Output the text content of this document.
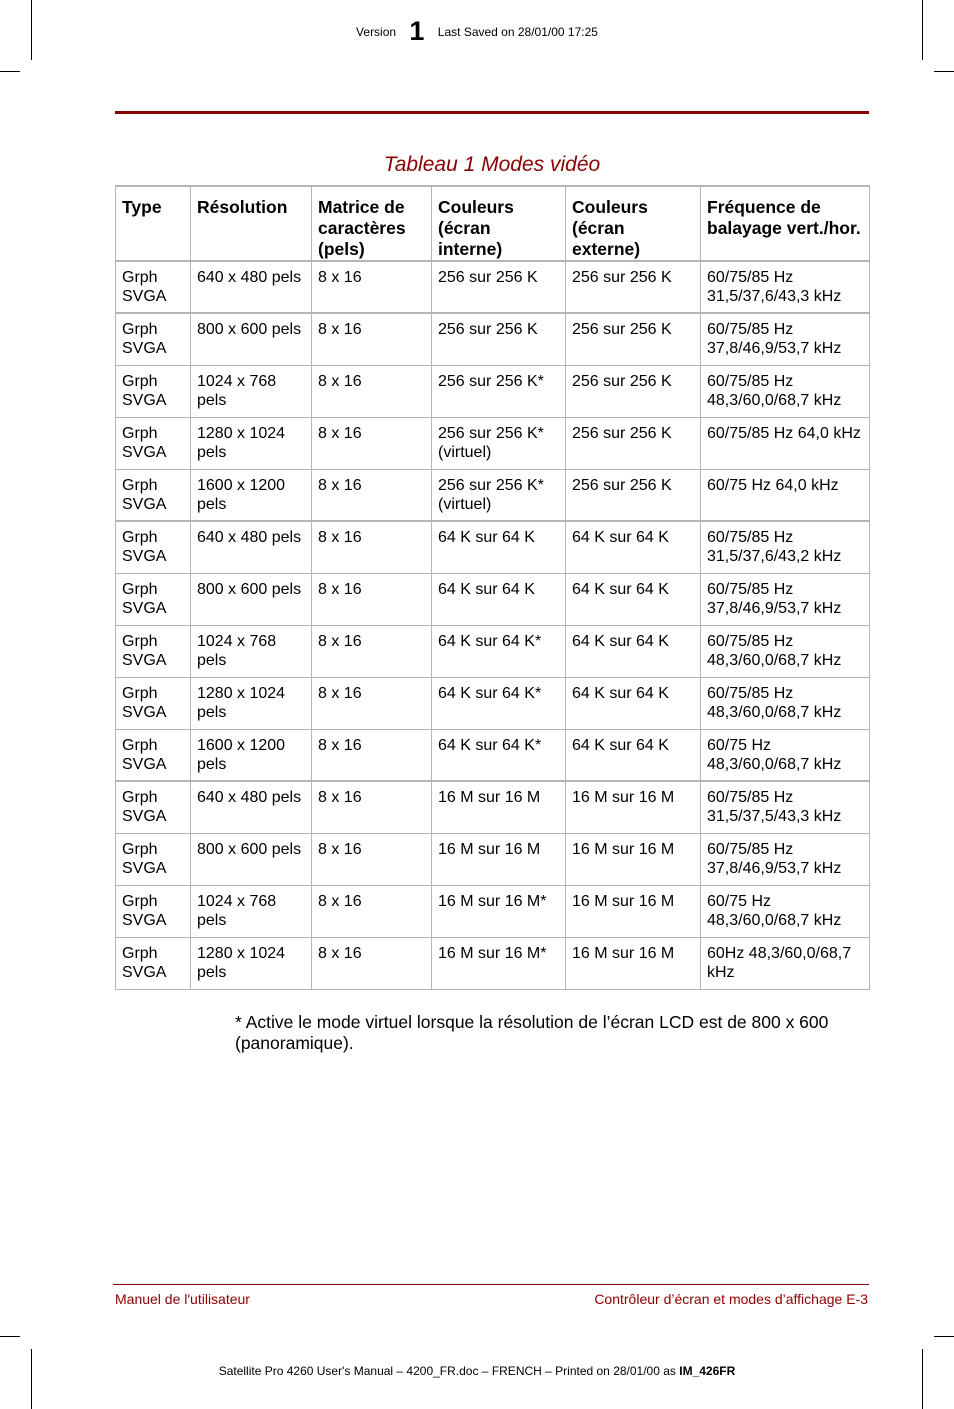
Version 1 Last Saved on 28/01/00 17:25
Tableau 1 Modes vidéo
Type	Résolution	Matrice de caractères (pels)	Couleurs (écran interne)	Couleurs (écran externe)	Fréquence de balayage vert./hor.
Grph SVGA	640 x 480 pels	8 x 16	256 sur 256 K	256 sur 256 K	60/75/85 Hz 31,5/37,6/43,3 kHz
Grph SVGA	800 x 600 pels	8 x 16	256 sur 256 K	256 sur 256 K	60/75/85 Hz 37,8/46,9/53,7 kHz
Grph SVGA	1024 x 768 pels	8 x 16	256 sur 256 K*	256 sur 256 K	60/75/85 Hz 48,3/60,0/68,7 kHz
Grph SVGA	1280 x 1024 pels	8 x 16	256 sur 256 K* (virtuel)	256 sur 256 K	60/75/85 Hz 64,0 kHz
Grph SVGA	1600 x 1200 pels	8 x 16	256 sur 256 K* (virtuel)	256 sur 256 K	60/75 Hz 64,0 kHz
Grph SVGA	640 x 480 pels	8 x 16	64 K sur 64 K	64 K sur 64 K	60/75/85 Hz 31,5/37,6/43,2 kHz
Grph SVGA	800 x 600 pels	8 x 16	64 K sur 64 K	64 K sur 64 K	60/75/85 Hz 37,8/46,9/53,7 kHz
Grph SVGA	1024 x 768 pels	8 x 16	64 K sur 64 K*	64 K sur 64 K	60/75/85 Hz 48,3/60,0/68,7 kHz
Grph SVGA	1280 x 1024 pels	8 x 16	64 K sur 64 K*	64 K sur 64 K	60/75/85 Hz 48,3/60,0/68,7 kHz
Grph SVGA	1600 x 1200 pels	8 x 16	64 K sur 64 K*	64 K sur 64 K	60/75 Hz 48,3/60,0/68,7 kHz
Grph SVGA	640 x 480 pels	8 x 16	16 M sur 16 M	16 M sur 16 M	60/75/85 Hz 31,5/37,5/43,3 kHz
Grph SVGA	800 x 600 pels	8 x 16	16 M sur 16 M	16 M sur 16 M	60/75/85 Hz 37,8/46,9/53,7 kHz
Grph SVGA	1024 x 768 pels	8 x 16	16 M sur 16 M*	16 M sur 16 M	60/75 Hz 48,3/60,0/68,7 kHz
Grph SVGA	1280 x 1024 pels	8 x 16	16 M sur 16 M*	16 M sur 16 M	60Hz 48,3/60,0/68,7 kHz
* Active le mode virtuel lorsque la résolution de l’écran LCD est de 800 x 600 (panoramique).
Manuel de l'utilisateur	Contrôleur d’écran et modes d’affichage E-3
Satellite Pro 4260 User's Manual – 4200_FR.doc – FRENCH – Printed on 28/01/00 as IM_426FR
